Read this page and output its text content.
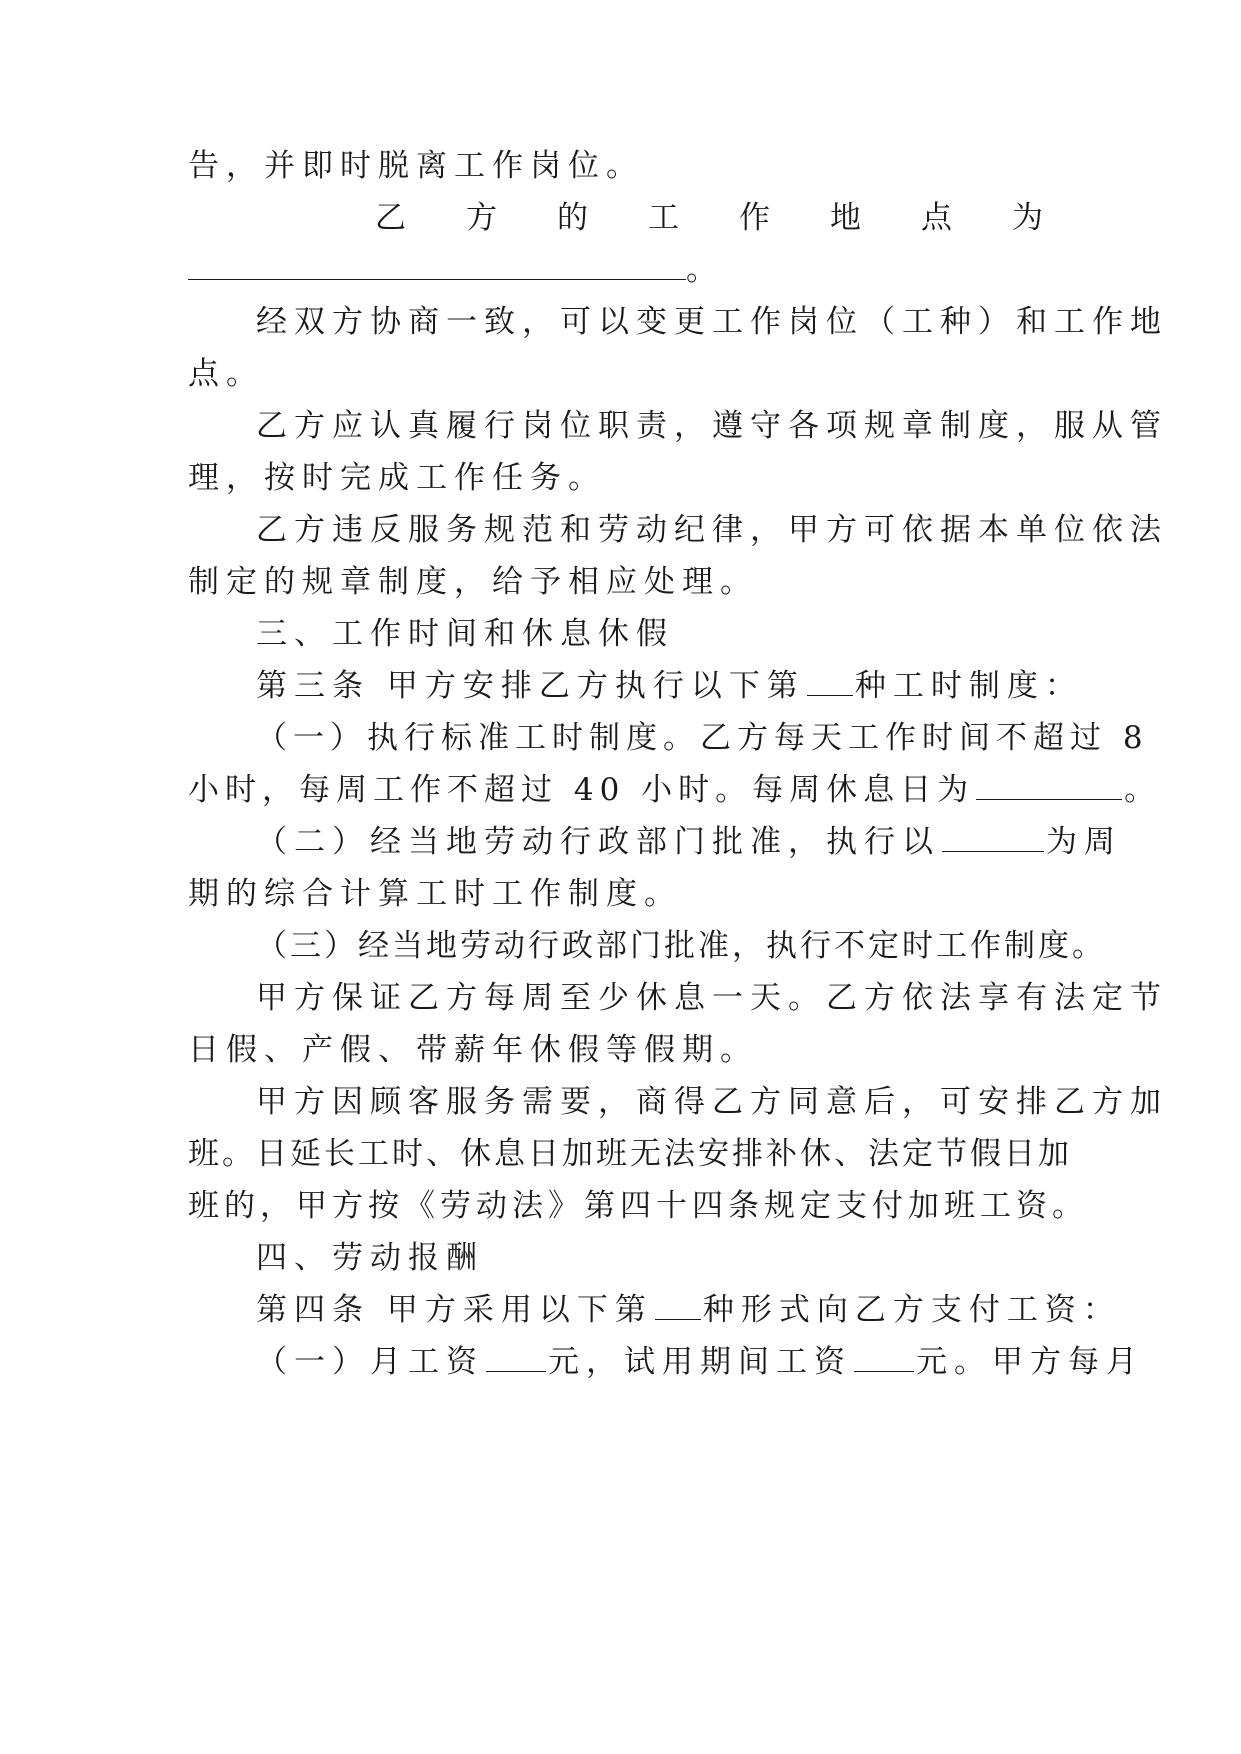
告，并即时脱离工作岗位。
乙方的工作地点为
。
经双方协商一致，可以变更工作岗位（工种）和工作地
点。
乙方应认真履行岗位职责，遵守各项规章制度，服从管
理，按时完成工作任务。
乙方违反服务规范和劳动纪律，甲方可依据本单位依法
制定的规章制度，给予相应处理。
三、工作时间和休息休假
第三条 甲方安排乙方执行以下第 种工时制度：
（一）执行标准工时制度。乙方每天工作时间不超过 8
小时，每周工作不超过 40 小时。每周休息日为	。
（二）经当地劳动行政部门批准，执行以	为周
期的综合计算工时工作制度。
（三）经当地劳动行政部门批准，执行不定时工作制度。
甲方保证乙方每周至少休息一天。乙方依法享有法定节
日假、产假、带薪年休假等假期。
甲方因顾客服务需要，商得乙方同意后，可安排乙方加
班。日延长工时、休息日加班无法安排补休、法定节假日加
班的，甲方按《劳动法》第四十四条规定支付加班工资。
四、劳动报酬
第四条 甲方采用以下第 种形式向乙方支付工资：
（一）月工资 元，试用期间工资 元。甲方每月
